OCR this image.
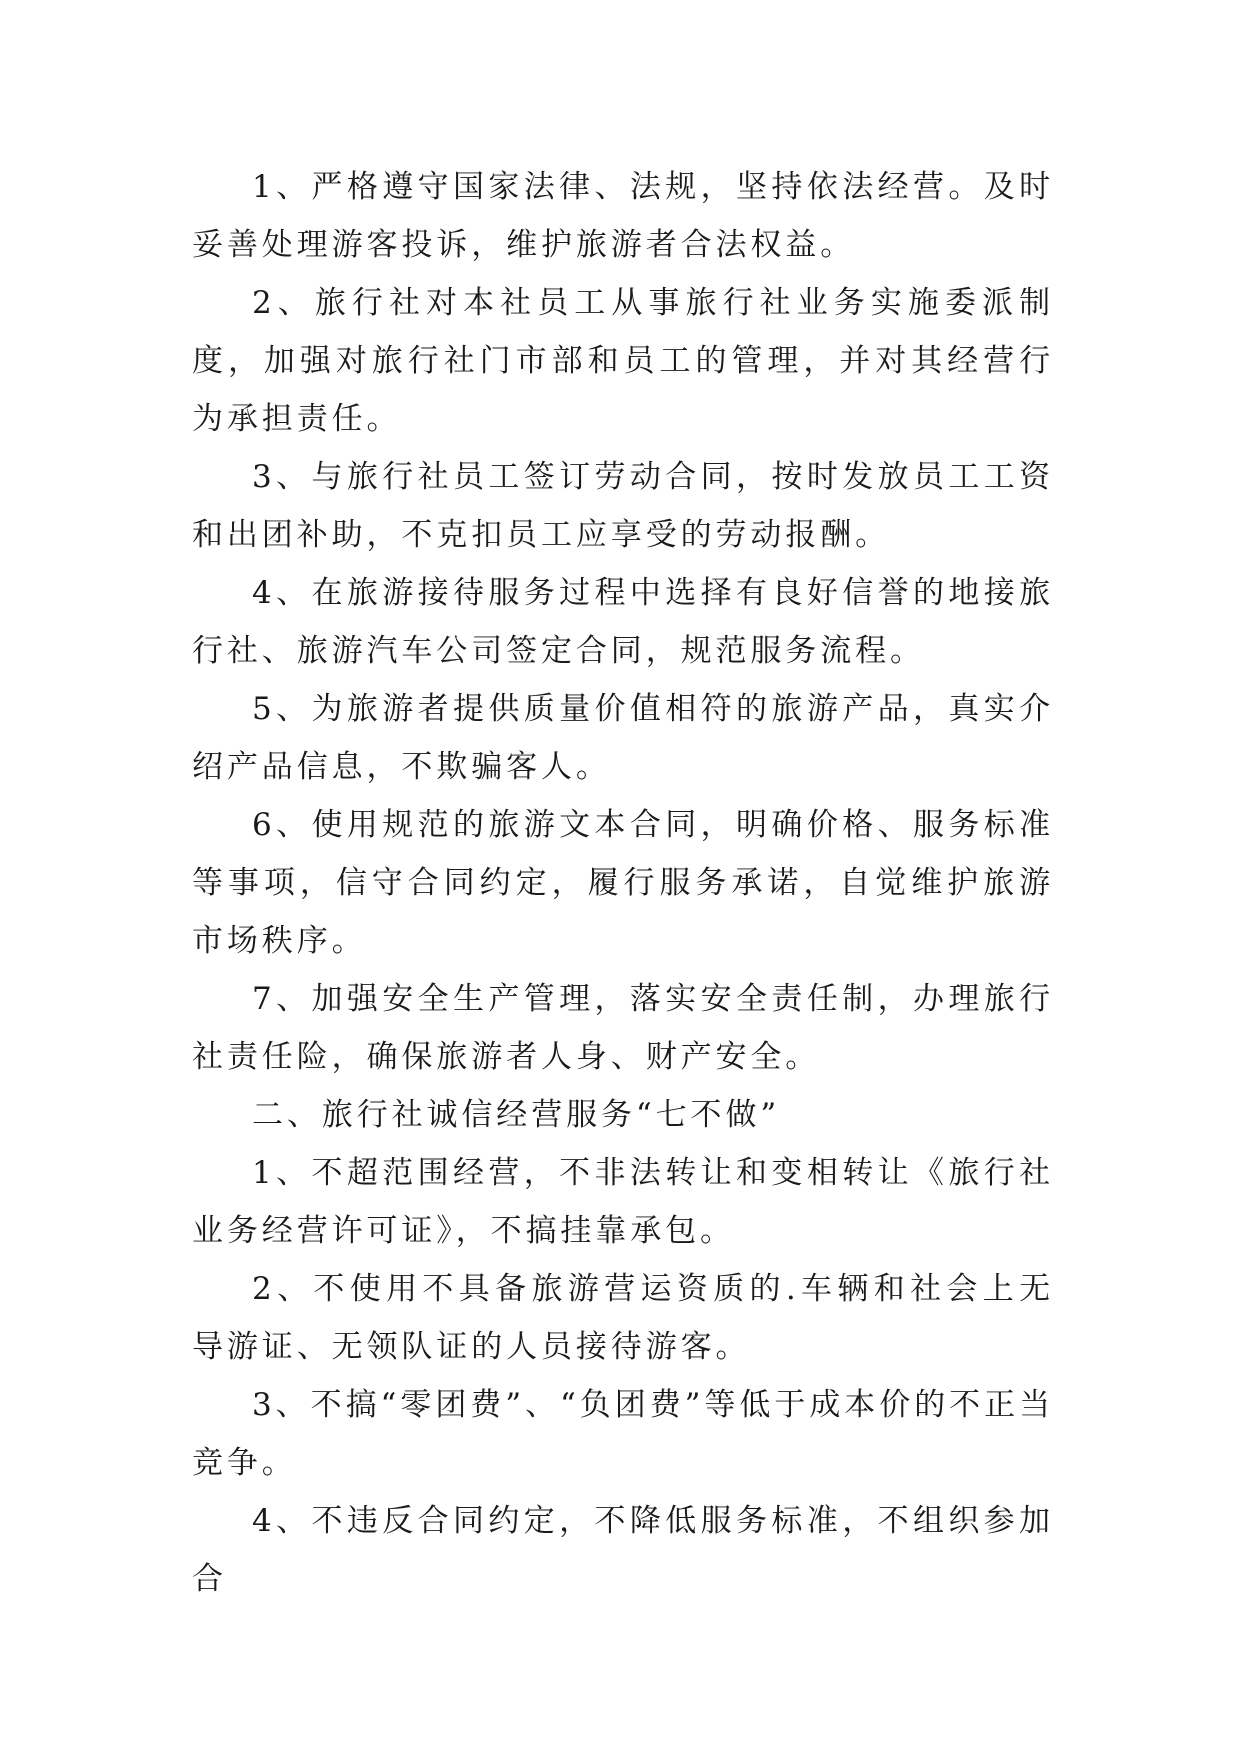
1、严格遵守国家法律、法规，坚持依法经营。及时妥善处理游客投诉，维护旅游者合法权益。

2、旅行社对本社员工从事旅行社业务实施委派制度，加强对旅行社门市部和员工的管理，并对其经营行为承担责任。

3、与旅行社员工签订劳动合同，按时发放员工工资和出团补助，不克扣员工应享受的劳动报酬。

4、在旅游接待服务过程中选择有良好信誉的地接旅行社、旅游汽车公司签定合同，规范服务流程。

5、为旅游者提供质量价值相符的旅游产品，真实介绍产品信息，不欺骗客人。

6、使用规范的旅游文本合同，明确价格、服务标准等事项，信守合同约定，履行服务承诺，自觉维护旅游市场秩序。

7、加强安全生产管理，落实安全责任制，办理旅行社责任险，确保旅游者人身、财产安全。

二、旅行社诚信经营服务“七不做”

1、不超范围经营，不非法转让和变相转让《旅行社业务经营许可证》，不搞挂靠承包。

2、不使用不具备旅游营运资质的.车辆和社会上无导游证、无领队证的人员接待游客。

3、不搞“零团费”、“负团费”等低于成本价的不正当竞争。

4、不违反合同约定，不降低服务标准，不组织参加合
